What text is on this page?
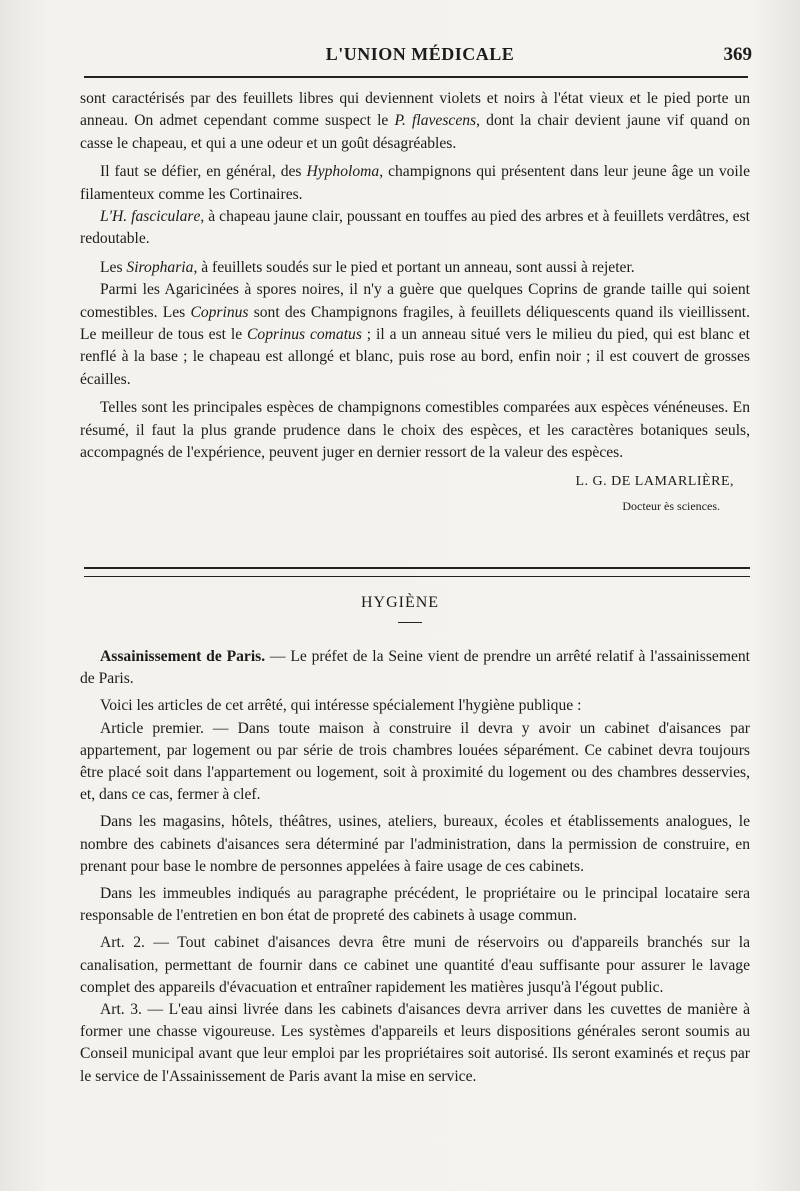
L'UNION MÉDICALE	369

sont caractérisés par des feuillets libres qui deviennent violets et noirs à l'état vieux et le pied porte un anneau. On admet cependant comme suspect le P. flavescens, dont la chair devient jaune vif quand on casse le chapeau, et qui a une odeur et un goût désagréables.

Il faut se défier, en général, des Hypholoma, champignons qui présentent dans leur jeune âge un voile filamenteux comme les Cortinaires.

L'H. fascicularе, à chapeau jaune clair, poussant en touffes au pied des arbres et à feuillets verdâtres, est redoutable.

Les Siropharia, à feuillets soudés sur le pied et portant un anneau, sont aussi à rejeter.

Parmi les Agaricinées à spores noires, il n'y a guère que quelques Coprins de grande taille qui soient comestibles. Les Coprinus sont des Champignons fragiles, à feuillets déliquescents quand ils vieillissent. Le meilleur de tous est le Coprinus comatus ; il a un anneau situé vers le milieu du pied, qui est blanc et renflé à la base ; le chapeau est allongé et blanc, puis rose au bord, enfin noir ; il est couvert de grosses écailles.

Telles sont les principales espèces de champignons comestibles comparées aux espèces vénéneuses. En résumé, il faut la plus grande prudence dans le choix des espèces, et les caractères botaniques seuls, accompagnés de l'expérience, peuvent juger en dernier ressort de la valeur des espèces.

L. G. DE LAMARLIÈRE,
Docteur ès sciences.
HYGIÈNE

Assainissement de Paris. — Le préfet de la Seine vient de prendre un arrêté relatif à l'assainissement de Paris.

Voici les articles de cet arrêté, qui intéresse spécialement l'hygiène publique :

Article premier. — Dans toute maison à construire il devra y avoir un cabinet d'aisances par appartement, par logement ou par série de trois chambres louées séparément. Ce cabinet devra toujours être placé soit dans l'appartement ou logement, soit à proximité du logement ou des chambres desservies, et, dans ce cas, fermer à clef.

Dans les magasins, hôtels, théâtres, usines, ateliers, bureaux, écoles et établissements analogues, le nombre des cabinets d'aisances sera déterminé par l'administration, dans la permission de construire, en prenant pour base le nombre de personnes appelées à faire usage de ces cabinets.

Dans les immeubles indiqués au paragraphe précédent, le propriétaire ou le principal locataire sera responsable de l'entretien en bon état de propreté des cabinets à usage commun.

Art. 2. — Tout cabinet d'aisances devra être muni de réservoirs ou d'appareils branchés sur la canalisation, permettant de fournir dans ce cabinet une quantité d'eau suffisante pour assurer le lavage complet des appareils d'évacuation et entraîner rapidement les matières jusqu'à l'égout public.

Art. 3. — L'eau ainsi livrée dans les cabinets d'aisances devra arriver dans les cuvettes de manière à former une chasse vigoureuse. Les systèmes d'appareils et leurs dispositions générales seront soumis au Conseil municipal avant que leur emploi par les propriétaires soit autorisé. Ils seront examinés et reçus par le service de l'Assainissement de Paris avant la mise en service.
